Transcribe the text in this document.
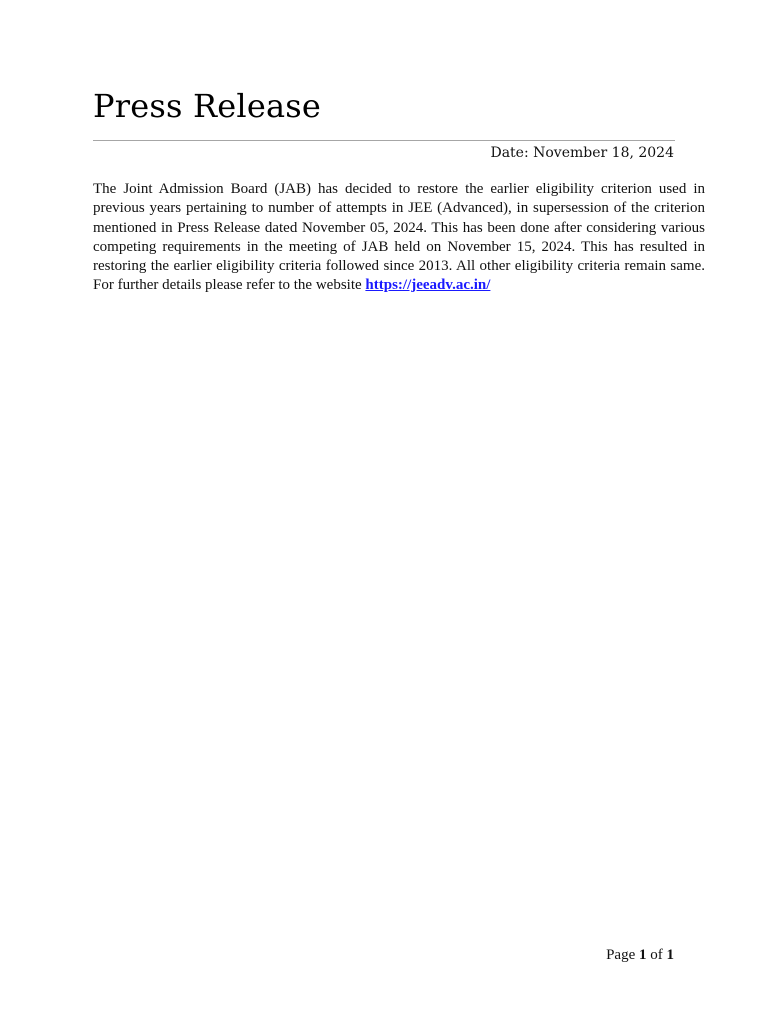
Press Release
Date: November 18, 2024

The Joint Admission Board (JAB) has decided to restore the earlier eligibility criterion used in previous years pertaining to number of attempts in JEE (Advanced), in supersession of the criterion mentioned in Press Release dated November 05, 2024. This has been done after considering various competing requirements in the meeting of JAB held on November 15, 2024. This has resulted in restoring the earlier eligibility criteria followed since 2013. All other eligibility criteria remain same. For further details please refer to the website https://jeeadv.ac.in/

Page 1 of 1
